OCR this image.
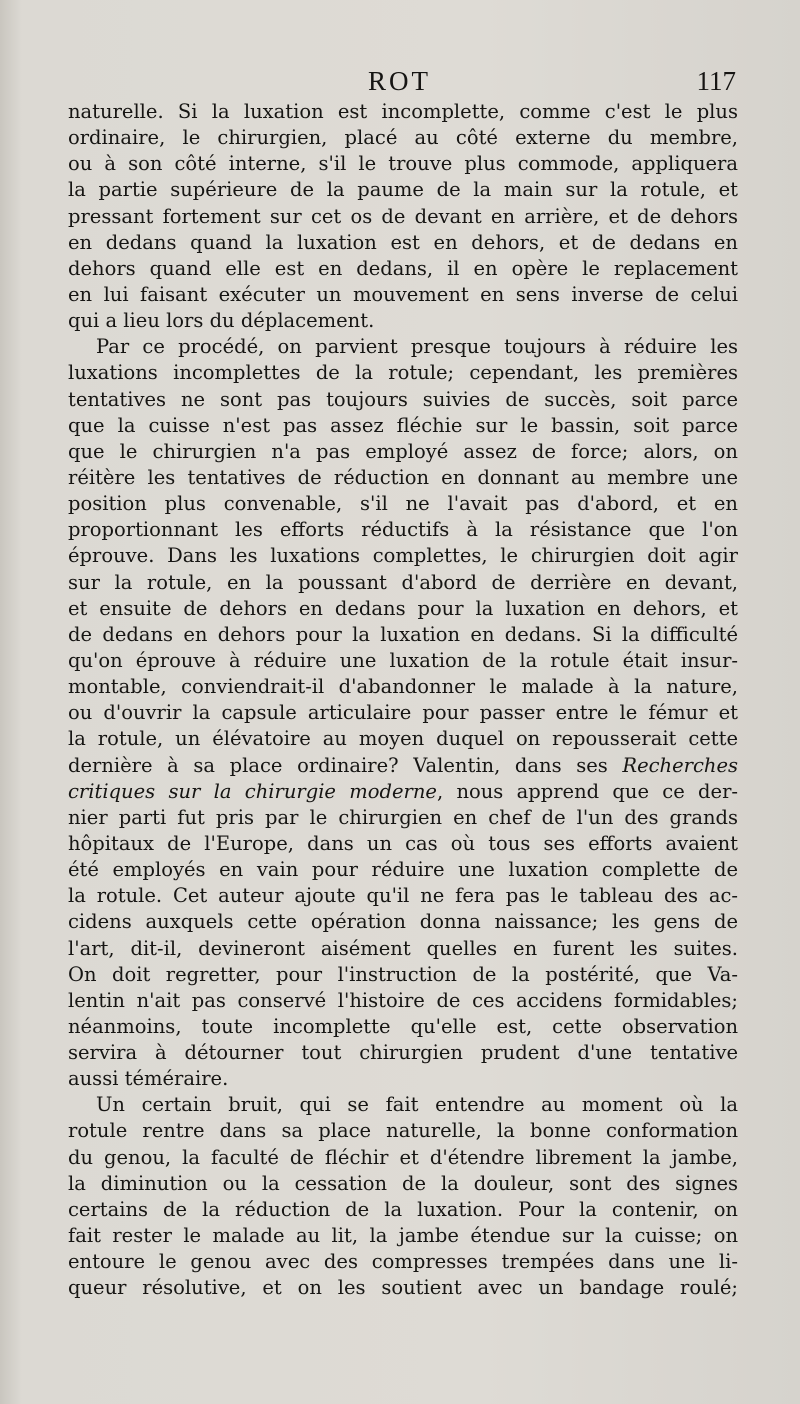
ROT	117
naturelle. Si la luxation est incomplette, comme c'est le plus
ordinaire, le chirurgien, placé au côté externe du membre,
ou à son côté interne, s'il le trouve plus commode, appliquera
la partie supérieure de la paume de la main sur la rotule, et
pressant fortement sur cet os de devant en arrière, et de dehors
en dedans quand la luxation est en dehors, et de dedans en
dehors quand elle est en dedans, il en opère le replacement
en lui faisant exécuter un mouvement en sens inverse de celui
qui a lieu lors du déplacement.
Par ce procédé, on parvient presque toujours à réduire les
luxations incomplettes de la rotule; cependant, les premières
tentatives ne sont pas toujours suivies de succès, soit parce
que la cuisse n'est pas assez fléchie sur le bassin, soit parce
que le chirurgien n'a pas employé assez de force; alors, on
réitère les tentatives de réduction en donnant au membre une
position plus convenable, s'il ne l'avait pas d'abord, et en
proportionnant les efforts réductifs à la résistance que l'on
éprouve. Dans les luxations complettes, le chirurgien doit agir
sur la rotule, en la poussant d'abord de derrière en devant,
et ensuite de dehors en dedans pour la luxation en dehors, et
de dedans en dehors pour la luxation en dedans. Si la difficulté
qu'on éprouve à réduire une luxation de la rotule était insur-
montable, conviendrait-il d'abandonner le malade à la nature,
ou d'ouvrir la capsule articulaire pour passer entre le fémur et
la rotule, un élévatoire au moyen duquel on repousserait cette
dernière à sa place ordinaire? Valentin, dans ses Recherches
critiques sur la chirurgie moderne, nous apprend que ce der-
nier parti fut pris par le chirurgien en chef de l'un des grands
hôpitaux de l'Europe, dans un cas où tous ses efforts avaient
été employés en vain pour réduire une luxation complette de
la rotule. Cet auteur ajoute qu'il ne fera pas le tableau des ac-
cidens auxquels cette opération donna naissance; les gens de
l'art, dit-il, devineront aisément quelles en furent les suites.
On doit regretter, pour l'instruction de la postérité, que Va-
lentin n'ait pas conservé l'histoire de ces accidens formidables;
néanmoins, toute incomplette qu'elle est, cette observation
servira à détourner tout chirurgien prudent d'une tentative
aussi téméraire.
Un certain bruit, qui se fait entendre au moment où la
rotule rentre dans sa place naturelle, la bonne conformation
du genou, la faculté de fléchir et d'étendre librement la jambe,
la diminution ou la cessation de la douleur, sont des signes
certains de la réduction de la luxation. Pour la contenir, on
fait rester le malade au lit, la jambe étendue sur la cuisse; on
entoure le genou avec des compresses trempées dans une li-
queur résolutive, et on les soutient avec un bandage roulé;
